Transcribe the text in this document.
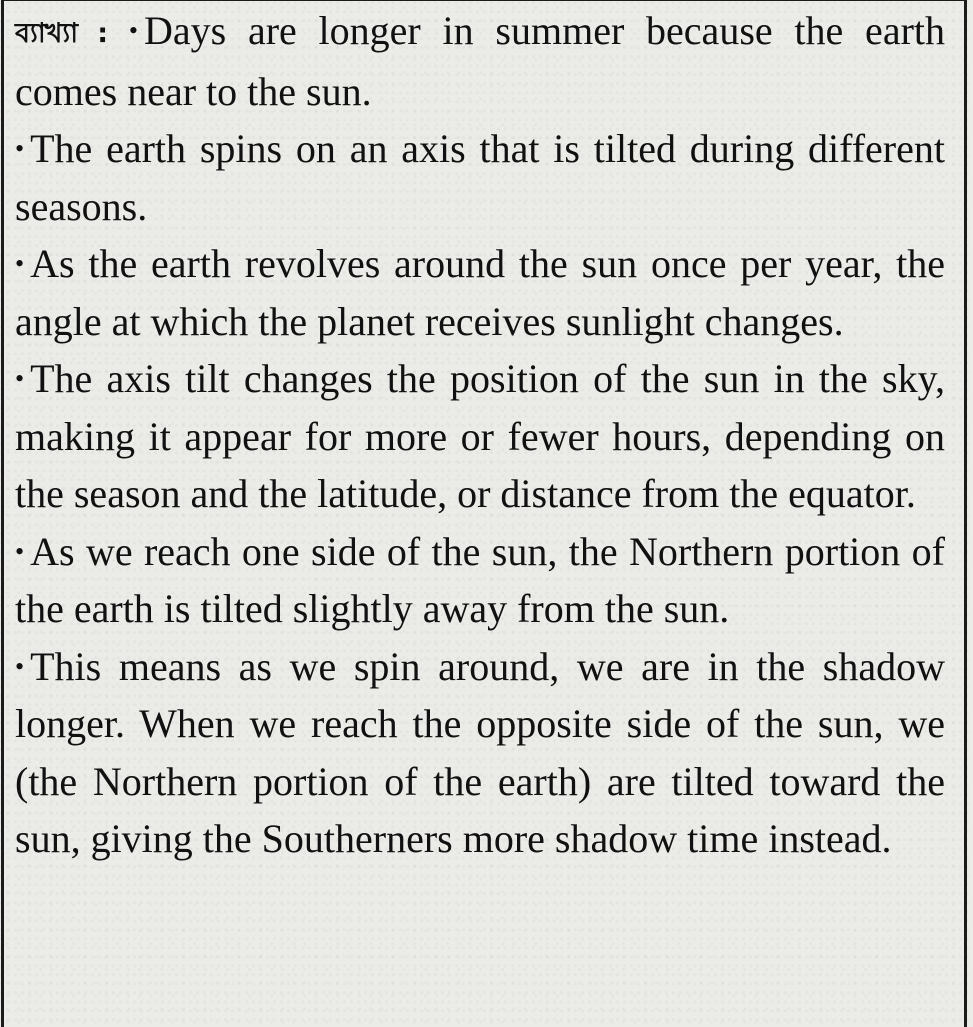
ব্যাখ্যা : • Days are longer in summer because the earth comes near to the sun.

• The earth spins on an axis that is tilted during different seasons.

• As the earth revolves around the sun once per year, the angle at which the planet receives sunlight changes.

• The axis tilt changes the position of the sun in the sky, making it appear for more or fewer hours, depending on the season and the latitude, or distance from the equator.

• As we reach one side of the sun, the Northern portion of the earth is tilted slightly away from the sun.

• This means as we spin around, we are in the shadow longer. When we reach the opposite side of the sun, we (the Northern portion of the earth) are tilted toward the sun, giving the Southerners more shadow time instead.
